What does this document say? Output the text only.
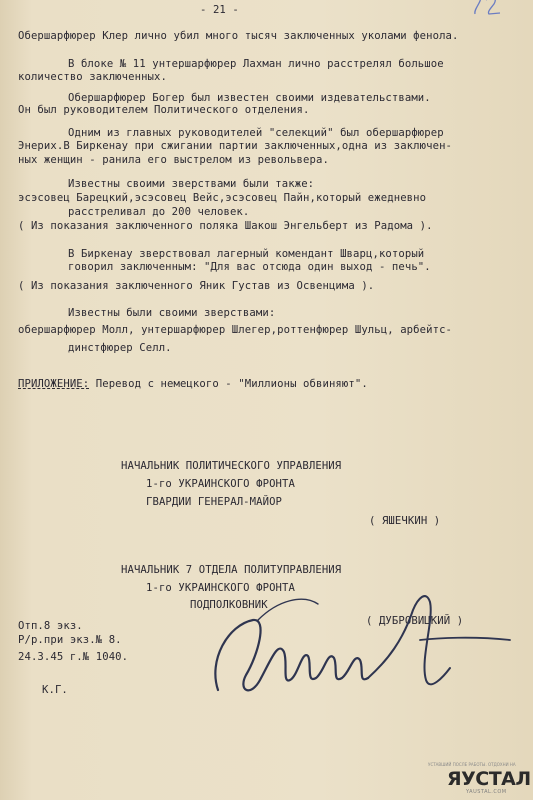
- 21 -
Обершарфюрер Клер лично убил много тысяч заключенных уколами фенола.
В блоке № 11 унтершарфюрер Лахман лично расстрелял большое
количество заключенных.
Обершарфюрер Богер был известен своими издевательствами.
Он был руководителем Политического отделения.
Одним из главных руководителей "селекций" был обершарфюрер
Энерих.В Биркенау при сжигании партии заключенных,одна из заключен-
ных женщин - ранила его выстрелом из револьвера.
Известны своими зверствами были также:
эсэсовец Барецкий,эсэсовец Вейс,эсэсовец Пайн,который ежедневно
расстреливал до 200 человек.
( Из показания заключенного поляка Шакош Энгельберт из Радома ).
В Биркенау зверствовал лагерный комендант Шварц,который
говорил заключенным: "Для вас отсюда один выход - печь".
( Из показания заключенного Яник Густав из Освенцима ).
Известны были своими зверствами:
обершарфюрер Молл, унтершарфюрер Шлегер,роттенфюрер Шульц, арбейтс-
динстфюрер Селл.
ПРИЛОЖЕНИЕ: Перевод с немецкого - "Миллионы обвиняют".
НАЧАЛЬНИК ПОЛИТИЧЕСКОГО УПРАВЛЕНИЯ
1-го УКРАИНСКОГО ФРОНТА
ГВАРДИИ ГЕНЕРАЛ-МАЙОР
( ЯШЕЧКИН )
НАЧАЛЬНИК 7 ОТДЕЛА ПОЛИТУПРАВЛЕНИЯ
1-го УКРАИНСКОГО ФРОНТА
ПОДПОЛКОВНИК
( ДУБРОВИЦКИЙ )
Отп.8 экз.
Р/р.при экз.№ 8.
24.3.45 г.№ 1040.
К.Г.
УСТАВШИЙ ПОСЛЕ РАБОТЫ. ОТДОХНИ НА
ЯУСТАЛ
YAUSTAL.COM
